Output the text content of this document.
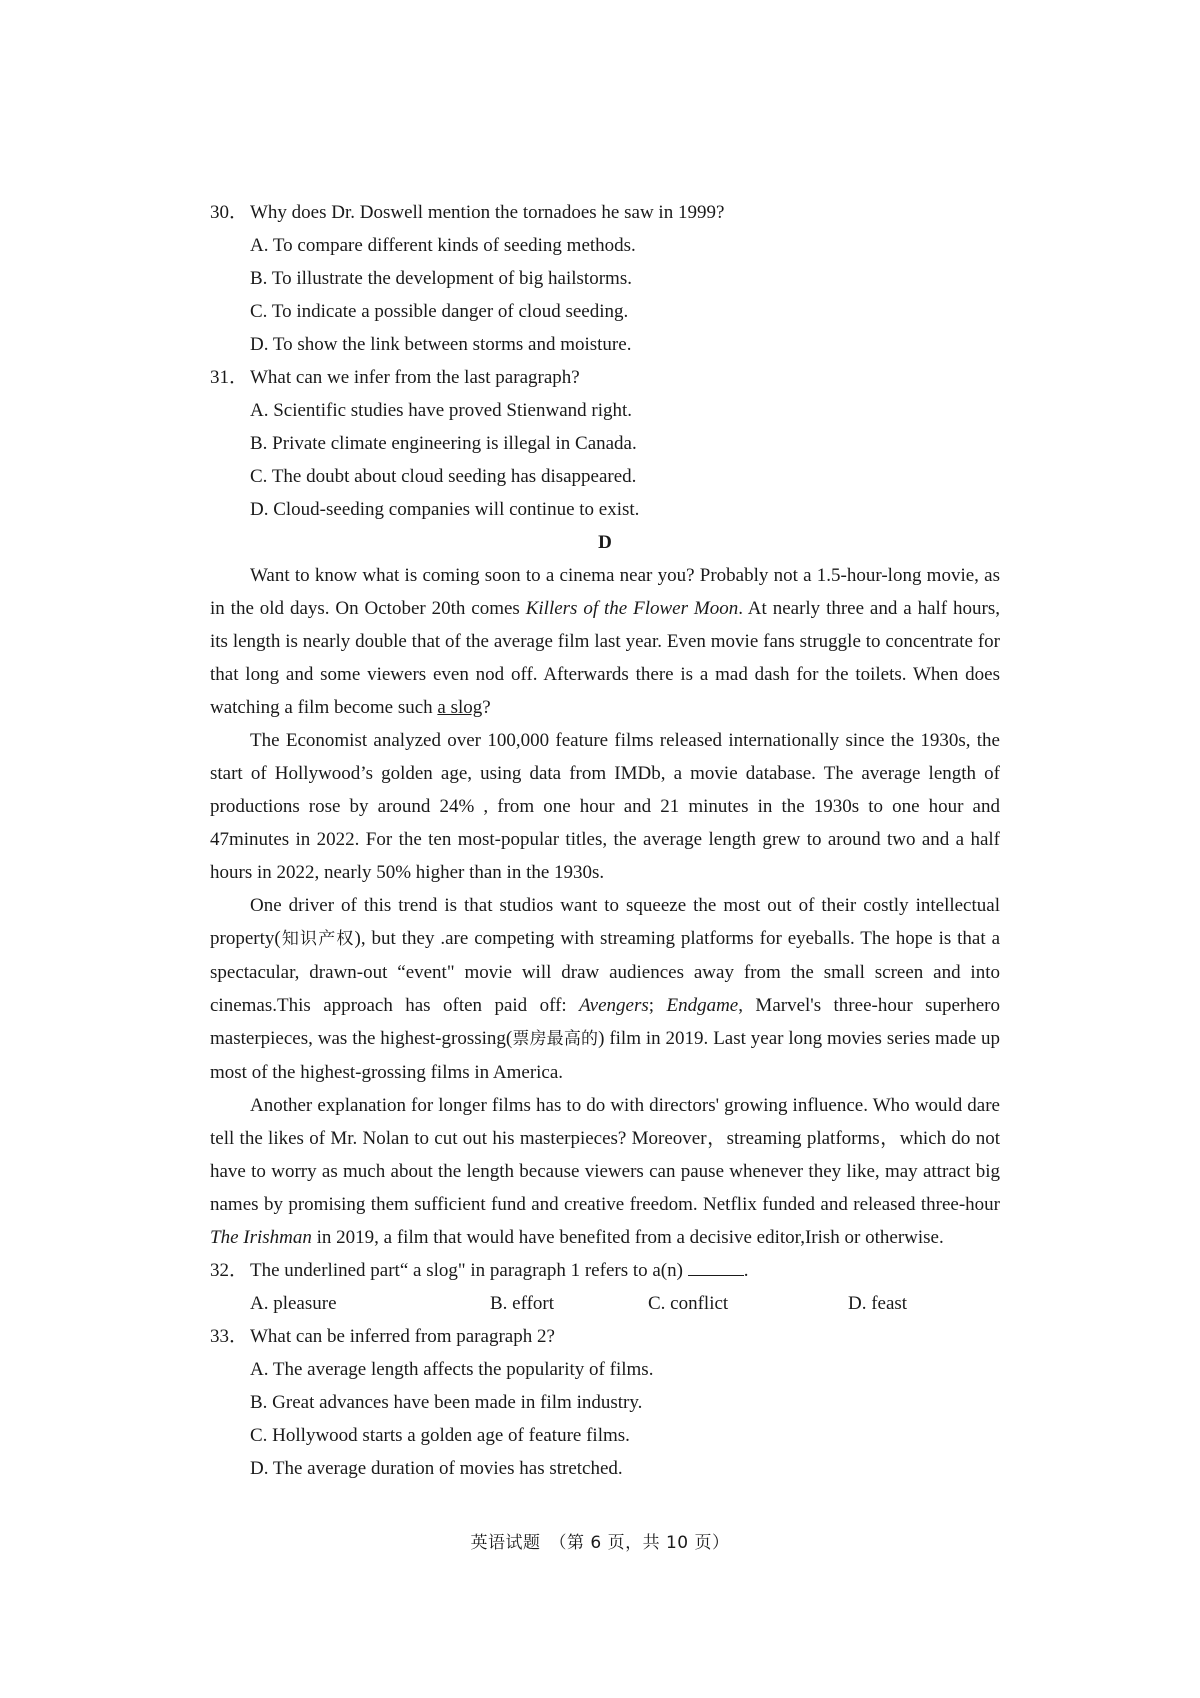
30． Why does Dr. Doswell mention the tornadoes he saw in 1999?
A. To compare different kinds of seeding methods.
B. To illustrate the development of big hailstorms.
C. To indicate a possible danger of cloud seeding.
D. To show the link between storms and moisture.
31． What can we infer from the last paragraph?
A. Scientific studies have proved Stienwand right.
B. Private climate engineering is illegal in Canada.
C. The doubt about cloud seeding has disappeared.
D. Cloud-seeding companies will continue to exist.
D
Want to know what is coming soon to a cinema near you? Probably not a 1.5-hour-long movie, as in the old days. On October 20th comes Killers of the Flower Moon. At nearly three and a half hours, its length is nearly double that of the average film last year. Even movie fans struggle to concentrate for that long and some viewers even nod off. Afterwards there is a mad dash for the toilets. When does watching a film become such a slog?
The Economist analyzed over 100,000 feature films released internationally since the 1930s, the start of Hollywood’s golden age, using data from IMDb, a movie database. The average length of productions rose by around 24% , from one hour and 21 minutes in the 1930s to one hour and 47minutes in 2022. For the ten most-popular titles, the average length grew to around two and a half hours in 2022, nearly 50% higher than in the 1930s.
One driver of this trend is that studios want to squeeze the most out of their costly intellectual property(知识产权), but they .are competing with streaming platforms for eyeballs. The hope is that a spectacular, drawn-out “event" movie will draw audiences away from the small screen and into cinemas.This approach has often paid off: Avengers; Endgame, Marvel's three-hour superhero masterpieces, was the highest-grossing(票房最高的) film in 2019. Last year long movies series made up most of the highest-grossing films in America.
Another explanation for longer films has to do with directors' growing influence. Who would dare tell the likes of Mr. Nolan to cut out his masterpieces? Moreover，streaming platforms，which do not have to worry as much about the length because viewers can pause whenever they like, may attract big names by promising them sufficient fund and creative freedom. Netflix funded and released three-hour The Irishman in 2019, a film that would have benefited from a decisive editor,Irish or otherwise.
32． The underlined part“ a slog" in paragraph 1 refers to a(n)	.
A. pleasure	B. effort	C. conflict	D. feast
33． What can be inferred from paragraph 2?
A. The average length affects the popularity of films.
B. Great advances have been made in film industry.
C. Hollywood starts a golden age of feature films.
D. The average duration of movies has stretched.
英语试题　（第 6 页，共 10 页）
